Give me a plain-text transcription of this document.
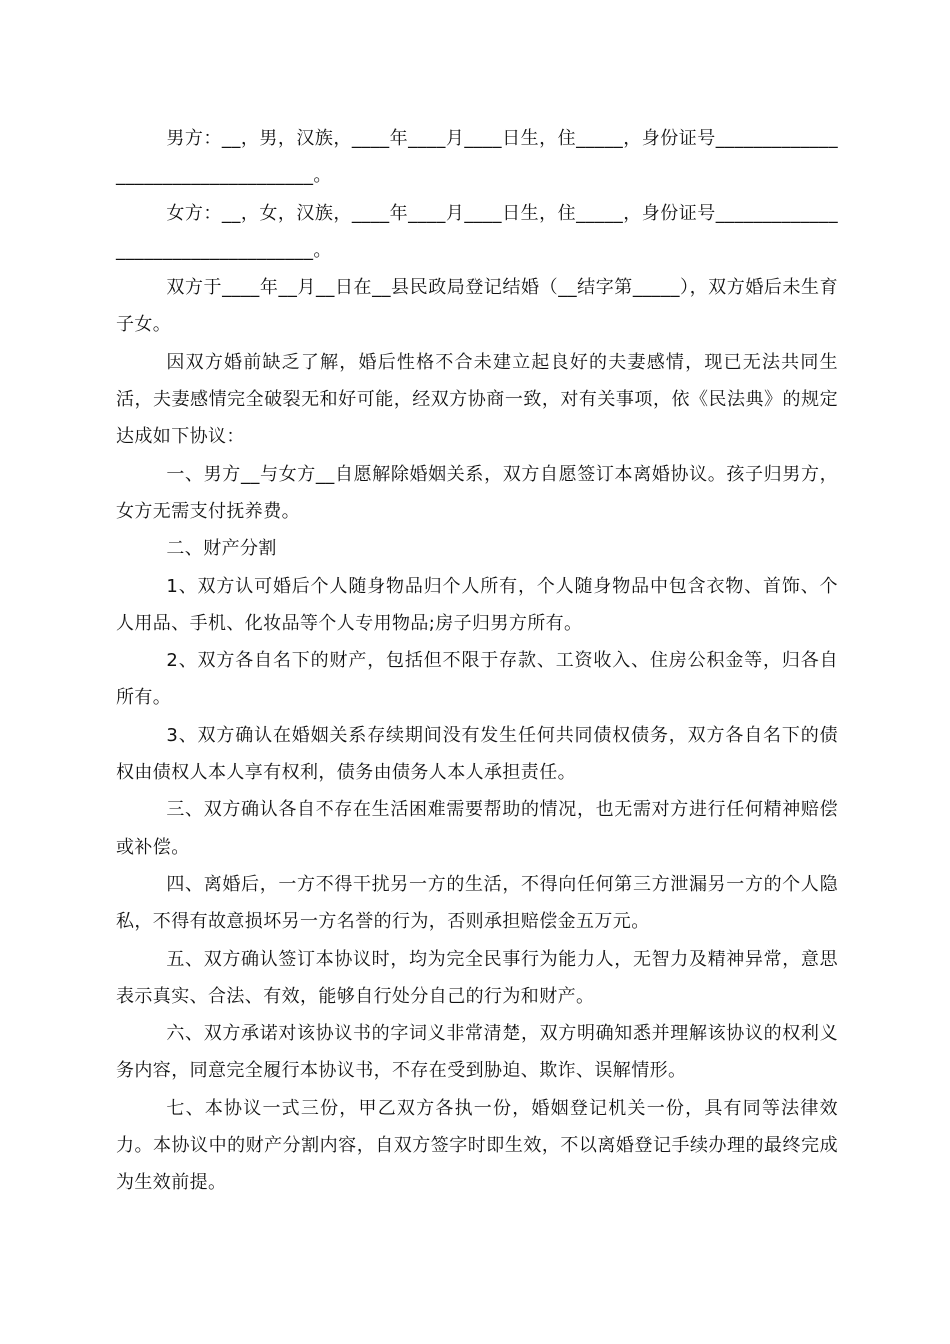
男方：__，男，汉族，____年____月____日生，住_____，身份证号__________________________________。

女方：__，女，汉族，____年____月____日生，住_____，身份证号__________________________________。

双方于____年__月__日在__县民政局登记结婚（__结字第_____），双方婚后未生育子女。

因双方婚前缺乏了解，婚后性格不合未建立起良好的夫妻感情，现已无法共同生活，夫妻感情完全破裂无和好可能，经双方协商一致，对有关事项，依《民法典》的规定达成如下协议：

一、男方__与女方__自愿解除婚姻关系，双方自愿签订本离婚协议。孩子归男方，女方无需支付抚养费。

二、财产分割

1、双方认可婚后个人随身物品归个人所有，个人随身物品中包含衣物、首饰、个人用品、手机、化妆品等个人专用物品;房子归男方所有。

2、双方各自名下的财产，包括但不限于存款、工资收入、住房公积金等，归各自所有。

3、双方确认在婚姻关系存续期间没有发生任何共同债权债务，双方各自名下的债权由债权人本人享有权利，债务由债务人本人承担责任。

三、双方确认各自不存在生活困难需要帮助的情况，也无需对方进行任何精神赔偿或补偿。

四、离婚后，一方不得干扰另一方的生活，不得向任何第三方泄漏另一方的个人隐私，不得有故意损坏另一方名誉的行为，否则承担赔偿金五万元。

五、双方确认签订本协议时，均为完全民事行为能力人，无智力及精神异常，意思表示真实、合法、有效，能够自行处分自己的行为和财产。

六、双方承诺对该协议书的字词义非常清楚，双方明确知悉并理解该协议的权利义务内容，同意完全履行本协议书，不存在受到胁迫、欺诈、误解情形。

七、本协议一式三份，甲乙双方各执一份，婚姻登记机关一份，具有同等法律效力。本协议中的财产分割内容，自双方签字时即生效，不以离婚登记手续办理的最终完成为生效前提。
